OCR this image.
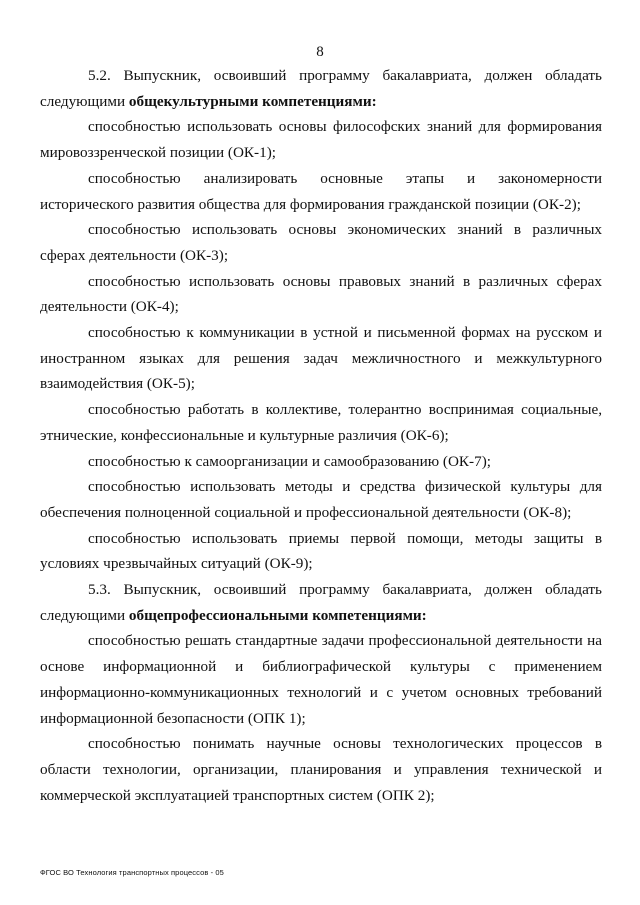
8

5.2. Выпускник, освоивший программу бакалавриата, должен обладать следующими общекультурными компетенциями:

способностью использовать основы философских знаний для формирования мировоззренческой позиции (ОК-1);

способностью анализировать основные этапы и закономерности исторического развития общества для формирования гражданской позиции (ОК-2);

способностью использовать основы экономических знаний в различных сферах деятельности (ОК-3);

способностью использовать основы правовых знаний в различных сферах деятельности (ОК-4);

способностью к коммуникации в устной и письменной формах на русском и иностранном языках для решения задач межличностного и межкультурного взаимодействия (ОК-5);

способностью работать в коллективе, толерантно воспринимая социальные, этнические, конфессиональные и культурные различия (ОК-6);

способностью к самоорганизации и самообразованию (ОК-7);

способностью использовать методы и средства физической культуры для обеспечения полноценной социальной и профессиональной деятельности (ОК-8);

способностью использовать приемы первой помощи, методы защиты в условиях чрезвычайных ситуаций (ОК-9);

5.3. Выпускник, освоивший программу бакалавриата, должен обладать следующими общепрофессиональными компетенциями:

способностью решать стандартные задачи профессиональной деятельности на основе информационной и библиографической культуры с применением информационно-коммуникационных технологий и с учетом основных требований информационной безопасности (ОПК 1);

способностью понимать научные основы технологических процессов в области технологии, организации, планирования и управления технической и коммерческой эксплуатацией транспортных систем (ОПК 2);

ФГОС ВО Технология транспортных процессов - 05
